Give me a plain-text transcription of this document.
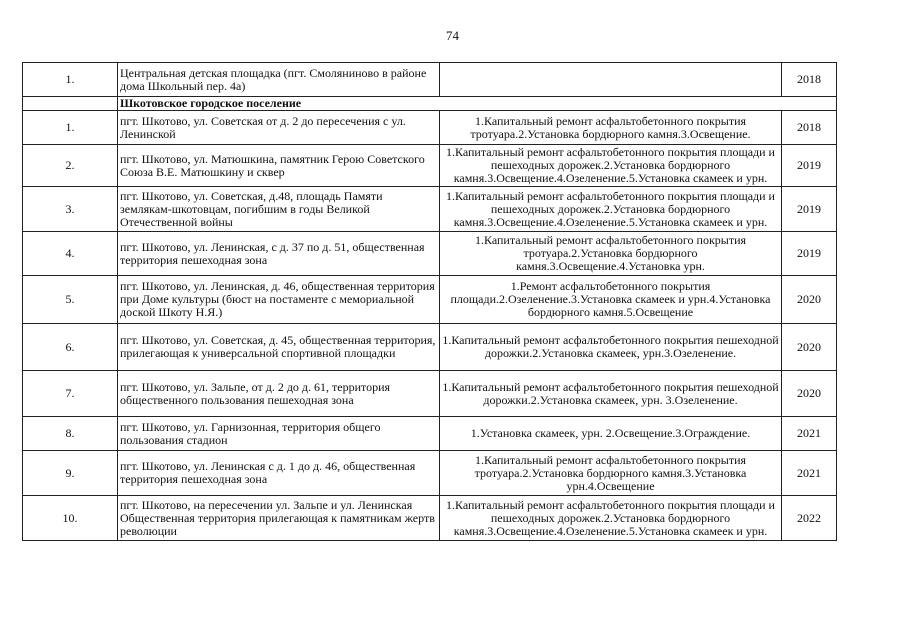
74
1.	Центральная детская площадка (пгт. Смоляниново в районе дома Школьный пер. 4а)		2018
	Шкотовское городское поселение		
1.	пгт. Шкотово, ул. Советская от д. 2 до пересечения с ул. Ленинской	1.Капитальный ремонт асфальтобетонного покрытия тротуара.2.Установка бордюрного камня.3.Освещение.	2018
2.	пгт. Шкотово, ул. Матюшкина, памятник Герою Советского Союза В.Е. Матюшкину и сквер	1.Капитальный ремонт асфальтобетонного покрытия площади и пешеходных дорожек.2.Установка бордюрного камня.3.Освещение.4.Озеленение.5.Установка скамеек и урн.	2019
3.	пгт. Шкотово, ул. Советская, д.48, площадь Памяти землякам-шкотовцам, погибшим в годы Великой Отечественной войны	1.Капитальный ремонт асфальтобетонного покрытия площади и пешеходных дорожек.2.Установка бордюрного камня.3.Освещение.4.Озеленение.5.Установка скамеек и урн.	2019
4.	пгт. Шкотово, ул. Ленинская, с д. 37 по д. 51, общественная территория пешеходная зона	1.Капитальный ремонт асфальтобетонного покрытия тротуара.2.Установка бордюрного камня.3.Освещение.4.Установка урн.	2019
5.	пгт. Шкотово, ул. Ленинская, д. 46, общественная территория при Доме культуры (бюст на постаменте с мемориальной доской Шкоту Н.Я.)	1.Ремонт асфальтобетонного покрытия площади.2.Озеленение.3.Установка скамеек и урн.4.Установка бордюрного камня.5.Освещение	2020
6.	пгт. Шкотово, ул. Советская, д. 45, общественная территория, прилегающая к универсальной спортивной площадки	1.Капитальный ремонт асфальтобетонного покрытия пешеходной дорожки.2.Установка скамеек, урн.3.Озеленение.	2020
7.	пгт. Шкотово, ул. Зальпе, от д. 2 до д. 61, территория общественного пользования пешеходная зона	1.Капитальный ремонт асфальтобетонного покрытия пешеходной дорожки.2.Установка скамеек, урн. 3.Озеленение.	2020
8.	пгт. Шкотово, ул. Гарнизонная, территория общего пользования стадион	1.Установка скамеек, урн. 2.Освещение.3.Ограждение.	2021
9.	пгт. Шкотово, ул. Ленинская с д. 1 до д. 46, общественная территория пешеходная зона	1.Капитальный ремонт асфальтобетонного покрытия тротуара.2.Установка бордюрного камня.3.Установка урн.4.Освещение	2021
10.	пгт. Шкотово, на пересечении ул. Зальпе и ул. Ленинская Общественная территория прилегающая к памятникам жертв революции	1.Капитальный ремонт асфальтобетонного покрытия площади и пешеходных дорожек.2.Установка бордюрного камня.3.Освещение.4.Озеленение.5.Установка скамеек и урн.	2022
